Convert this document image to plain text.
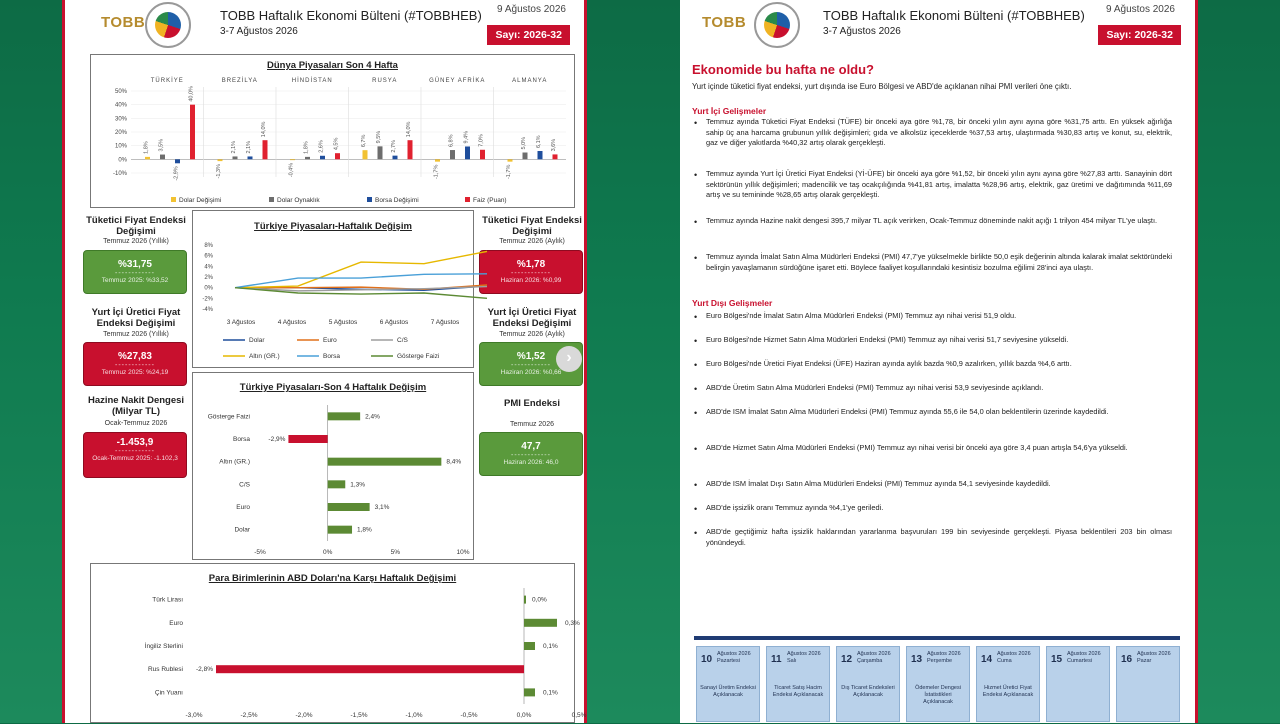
TOBB	TOBB Haftalık Ekonomi Bülteni (#TOBBHEB)
3-7 Ağustos 2026
9 Ağustos 2026
Sayı: 2026-32
Dünya Piyasaları Son 4 Hafta
-10%
0%
10%
20%
30%
40%
50%
TÜRKİYE
1,8% 3,5%
-2,9%
40,0%
BREZİLYA
-1,3%
2,1% 2,1%
14,0%
HİNDİSTAN
-0,4%
1,8% 2,6% 4,5%
RUSYA
6,7% 9,5%
2,7%
14,0%
GÜNEY AFRİKA
-1,7%
6,8% 9,4% 7,0%
ALMANYA
-1,7%
5,0% 6,1% 3,6%
Dolar Değişimi	Dolar Oynaklık	Borsa Değişimi	Faiz (Puan)
Tüketici Fiyat Endeksi Değişimi
Temmuz 2026 (Yıllık)
%31,75
------------
Temmuz 2025: %33,52
Yurt İçi Üretici Fiyat Endeksi Değişimi
Temmuz 2026 (Yıllık)
%27,83
------------
Temmuz 2025: %24,19
Hazine Nakit Dengesi (Milyar TL)
Ocak-Temmuz 2026
-1.453,9
------------
Ocak-Temmuz 2025: -1.102,3
Tüketici Fiyat Endeksi Değişimi
Temmuz 2026 (Aylık)
%1,78
------------
Haziran 2026: %0,99
Yurt İçi Üretici Fiyat Endeksi Değişimi
Temmuz 2026 (Aylık)
%1,52
------------
Haziran 2026: %0,66
PMI Endeksi
Temmuz 2026
47,7
------------
Haziran 2026: 46,0
Türkiye Piyasaları-Haftalık Değişim
8%
6%
4%
2%
0%
-2%
-4%
3 Ağustos	4 Ağustos	5 Ağustos	6 Ağustos	7 Ağustos
Dolar	Euro	C/S
Altın (GR.)	Borsa	Gösterge Faizi
Türkiye Piyasaları-Son 4 Haftalık Değişim
Gösterge Faizi	2,4%
Borsa	-2,9%
Altın (GR.)	8,4%
C/S	1,3%
Euro	3,1%
Dolar	1,8%
-5%	0%	5%	10%
Para Birimlerinin ABD Doları'na Karşı Haftalık Değişimi
Türk Lirası	0,0%
Euro	0,3%
İngiliz Sterlini	0,1%
Rus Rublesi -2,8%
Çin Yuanı	0,1%
-3,0%	-2,5%	-2,0%	-1,5%	-1,0%	-0,5%	0,0%	0,5%
›
TOBB	TOBB Haftalık Ekonomi Bülteni (#TOBBHEB)
3-7 Ağustos 2026
9 Ağustos 2026
Sayı: 2026-32
Ekonomide bu hafta ne oldu?
Yurt içinde tüketici fiyat endeksi, yurt dışında ise Euro Bölgesi ve ABD'de açıklanan nihai PMI verileri öne çıktı.
Yurt İçi Gelişmeler
• Temmuz ayında Tüketici Fiyat Endeksi (TÜFE) bir önceki aya göre %1,78, bir önceki yılın aynı ayına göre %31,75 arttı. En yüksek ağırlığa sahip üç ana harcama grubunun yıllık değişimleri; gıda ve alkolsüz içeceklerde %37,53 artış, ulaştırmada %30,83 artış ve konut, su, elektrik, gaz ve diğer yakıtlarda %40,32 artış olarak gerçekleşti.
• Temmuz ayında Yurt İçi Üretici Fiyat Endeksi (Yİ-ÜFE) bir önceki aya göre %1,52, bir önceki yılın aynı ayına göre %27,83 arttı. Sanayinin dört sektörünün yıllık değişimleri; madencilik ve taş ocakçılığında %41,81 artış, imalatta %28,96 artış, elektrik, gaz üretimi ve dağıtımında %11,69 artış ve su temininde %28,65 artış olarak gerçekleşti.
• Temmuz ayında Hazine nakit dengesi 395,7 milyar TL açık verirken, Ocak-Temmuz döneminde nakit açığı 1 trilyon 454 milyar TL'ye ulaştı.
• Temmuz ayında İmalat Satın Alma Müdürleri Endeksi (PMI) 47,7'ye yükselmekle birlikte 50,0 eşik değerinin altında kalarak imalat sektöründeki belirgin yavaşlamanın sürdüğüne işaret etti. Böylece faaliyet koşullarındaki kesintisiz bozulma eğilimi 28'inci aya ulaştı.
Yurt Dışı Gelişmeler
• Euro Bölgesi'nde İmalat Satın Alma Müdürleri Endeksi (PMI) Temmuz ayı nihai verisi 51,9 oldu.
• Euro Bölgesi'nde Hizmet Satın Alma Müdürleri Endeksi (PMI) Temmuz ayı nihai verisi 51,7 seviyesine yükseldi.
• Euro Bölgesi'nde Üretici Fiyat Endeksi (ÜFE) Haziran ayında aylık bazda %0,9 azalırken, yıllık bazda %4,6 arttı.
• ABD'de Üretim Satın Alma Müdürleri Endeksi (PMI) Temmuz ayı nihai verisi 53,9 seviyesinde açıklandı.
• ABD'de ISM İmalat Satın Alma Müdürleri Endeksi (PMI) Temmuz ayında 55,6 ile 54,0 olan beklentilerin üzerinde kaydedildi.
• ABD'de Hizmet Satın Alma Müdürleri Endeksi (PMI) Temmuz ayı nihai verisi bir önceki aya göre 3,4 puan artışla 54,6'ya yükseldi.
• ABD'de ISM İmalat Dışı Satın Alma Müdürleri Endeksi (PMI) Temmuz ayında 54,1 seviyesinde kaydedildi.
• ABD'de işsizlik oranı Temmuz ayında %4,1'ye geriledi.
• ABD'de geçtiğimiz hafta işsizlik haklarından yararlanma başvuruları 199 bin seviyesinde gerçekleşti. Piyasa beklentileri 203 bin olması yönündeydi.
10 Ağustos 2026 Pazartesi
Sanayi Üretim Endeksi Açıklanacak
11 Ağustos 2026 Salı
Ticaret Satış Hacim Endeksi Açıklanacak
12 Ağustos 2026 Çarşamba
Dış Ticaret Endeksleri Açıklanacak
13 Ağustos 2026 Perşembe
Ödemeler Dengesi İstatistikleri Açıklanacak
14 Ağustos 2026 Cuma
Hizmet Üretici Fiyat Endeksi Açıklanacak
15 Ağustos 2026 Cumartesi	16 Ağustos 2026 Pazar
